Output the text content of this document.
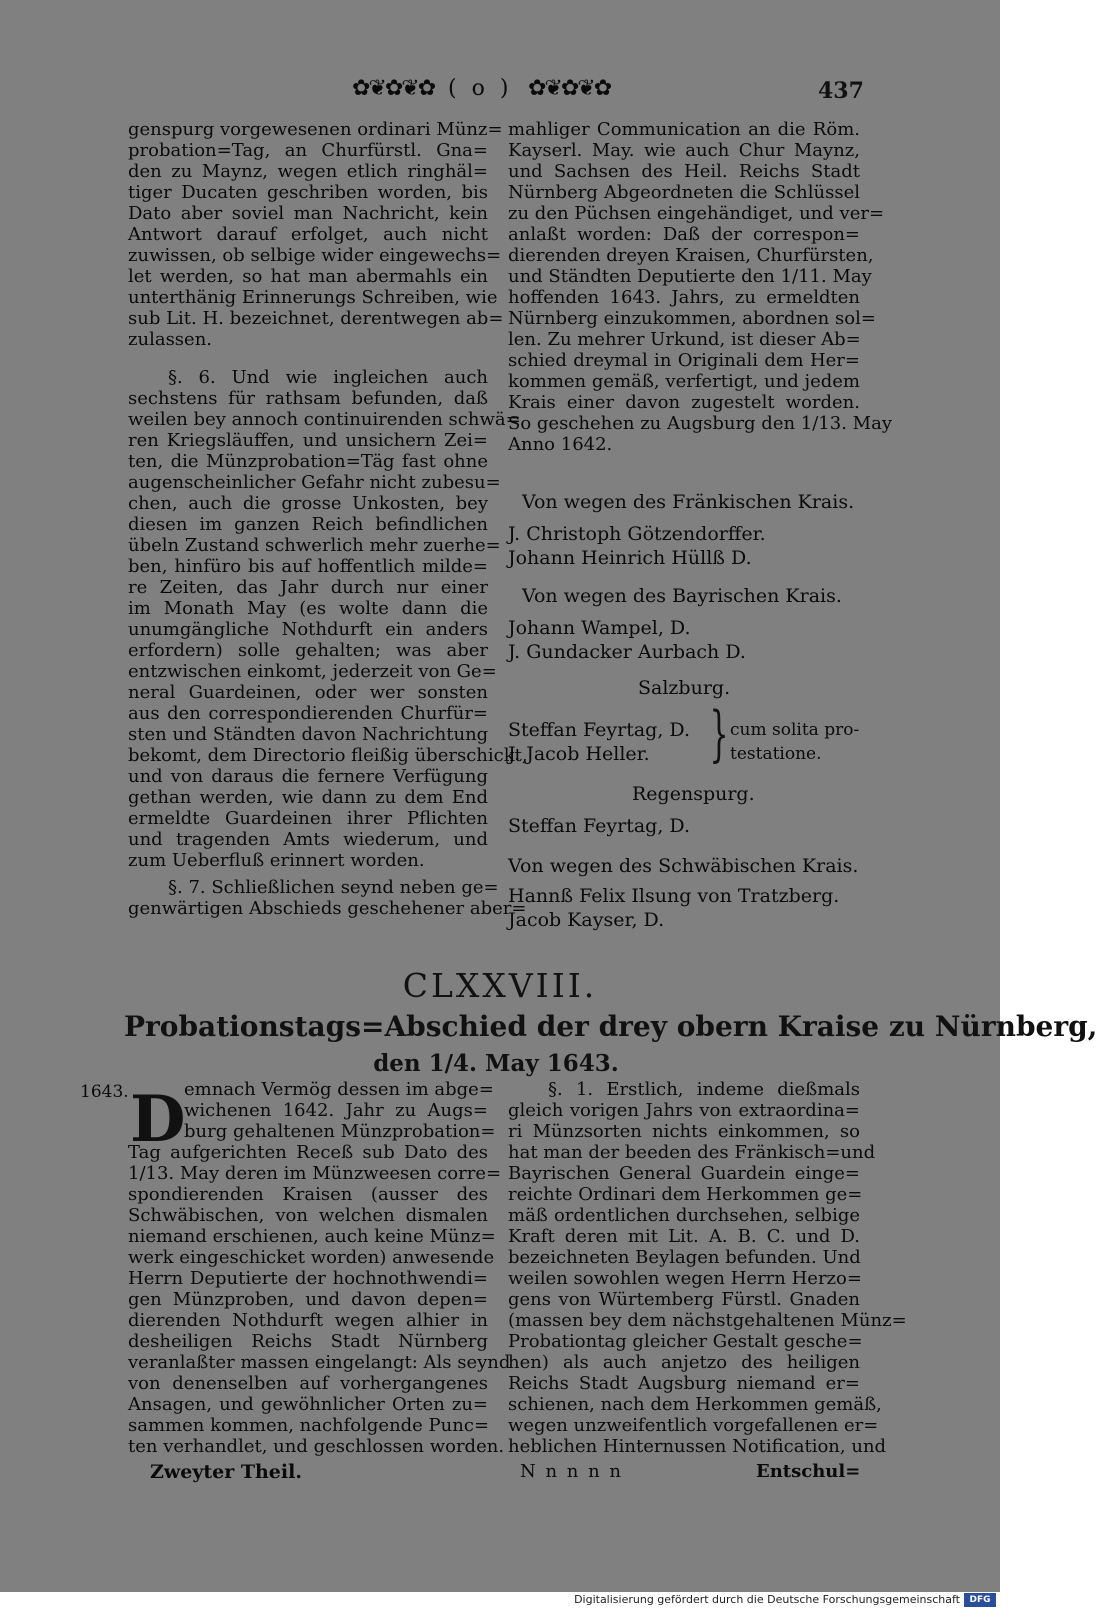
✿❦✿❦✿ ( o ) ✿❦✿❦✿	437
genspurg vorgewesenen ordinari Münz=
probation=Tag, an Churfürstl. Gna=
den zu Maynz, wegen etlich ringhäl=
tiger Ducaten geschriben worden, bis
Dato aber soviel man Nachricht, kein
Antwort darauf erfolget, auch nicht
zuwissen, ob selbige wider eingewechs=
let werden, so hat man abermahls ein
unterthänig Erinnerungs Schreiben, wie
sub Lit. H. bezeichnet, derentwegen ab=
zulassen.
§. 6. Und wie ingleichen auch
sechstens für rathsam befunden, daß
weilen bey annoch continuirenden schwä=
ren Kriegsläuffen, und unsichern Zei=
ten, die Münzprobation=Täg fast ohne
augenscheinlicher Gefahr nicht zubesu=
chen, auch die grosse Unkosten, bey
diesen im ganzen Reich befindlichen
übeln Zustand schwerlich mehr zuerhe=
ben, hinfüro bis auf hoffentlich milde=
re Zeiten, das Jahr durch nur einer
im Monath May (es wolte dann die
unumgängliche Nothdurft ein anders
erfordern) solle gehalten; was aber
entzwischen einkomt, jederzeit von Ge=
neral Guardeinen, oder wer sonsten
aus den correspondierenden Churfür=
sten und Ständten davon Nachrichtung
bekomt, dem Directorio fleißig überschickt,
und von daraus die fernere Verfügung
gethan werden, wie dann zu dem End
ermeldte Guardeinen ihrer Pflichten
und tragenden Amts wiederum, und
zum Ueberfluß erinnert worden.
§. 7. Schließlichen seynd neben ge=
genwärtigen Abschieds geschehener aber=
mahliger Communication an die Röm.
Kayserl. May. wie auch Chur Maynz,
und Sachsen des Heil. Reichs Stadt
Nürnberg Abgeordneten die Schlüssel
zu den Püchsen eingehändiget, und ver=
anlaßt worden: Daß der correspon=
dierenden dreyen Kraisen, Churfürsten,
und Ständten Deputierte den 1/11. May
hoffenden 1643. Jahrs, zu ermeldten
Nürnberg einzukommen, abordnen sol=
len. Zu mehrer Urkund, ist dieser Ab=
schied dreymal in Originali dem Her=
kommen gemäß, verfertigt, und jedem
Krais einer davon zugestelt worden.
So geschehen zu Augsburg den 1/13. May
Anno 1642.
Von wegen des Fränkischen Krais.
J. Christoph Götzendorffer.
Johann Heinrich Hüllß D.
Von wegen des Bayrischen Krais.
Johann Wampel, D.
J. Gundacker Aurbach D.
Salzburg.
Steffan Feyrtag, D.
J. Jacob Heller. } cum solita pro-
testatione.
Regenspurg.
Steffan Feyrtag, D.
Von wegen des Schwäbischen Krais.
Hannß Felix Ilsung von Tratzberg.
Jacob Kayser, D.
CLXXVIII.
Probationstags=Abschied der drey obern Kraise zu Nürnberg,
den 1/4. May 1643.
1643. D
emnach Vermög dessen im abge=
wichenen 1642. Jahr zu Augs=
burg gehaltenen Münzprobation=
Tag aufgerichten Receß sub Dato des
1/13. May deren im Münzweesen corre=
spondierenden Kraisen (ausser des
Schwäbischen, von welchen dismalen
niemand erschienen, auch keine Münz=
werk eingeschicket worden) anwesende
Herrn Deputierte der hochnothwendi=
gen Münzproben, und davon depen=
dierenden Nothdurft wegen alhier in
desheiligen Reichs Stadt Nürnberg
veranlaßter massen eingelangt: Als seynd
von denenselben auf vorhergangenes
Ansagen, und gewöhnlicher Orten zu=
sammen kommen, nachfolgende Punc=
ten verhandlet, und geschlossen worden.
§. 1. Erstlich, indeme dießmals
gleich vorigen Jahrs von extraordina=
ri Münzsorten nichts einkommen, so
hat man der beeden des Fränkisch=und
Bayrischen General Guardein einge=
reichte Ordinari dem Herkommen ge=
mäß ordentlichen durchsehen, selbige
Kraft deren mit Lit. A. B. C. und D.
bezeichneten Beylagen befunden. Und
weilen sowohlen wegen Herrn Herzo=
gens von Würtemberg Fürstl. Gnaden
(massen bey dem nächstgehaltenen Münz=
Probationtag gleicher Gestalt gesche=
hen) als auch anjetzo des heiligen
Reichs Stadt Augsburg niemand er=
schienen, nach dem Herkommen gemäß,
wegen unzweifentlich vorgefallenen er=
heblichen Hinternussen Notification, und
Zweyter Theil.	N n n n n	Entschul=
Digitalisierung gefördert durch die Deutsche Forschungsgemeinschaft	DFG
